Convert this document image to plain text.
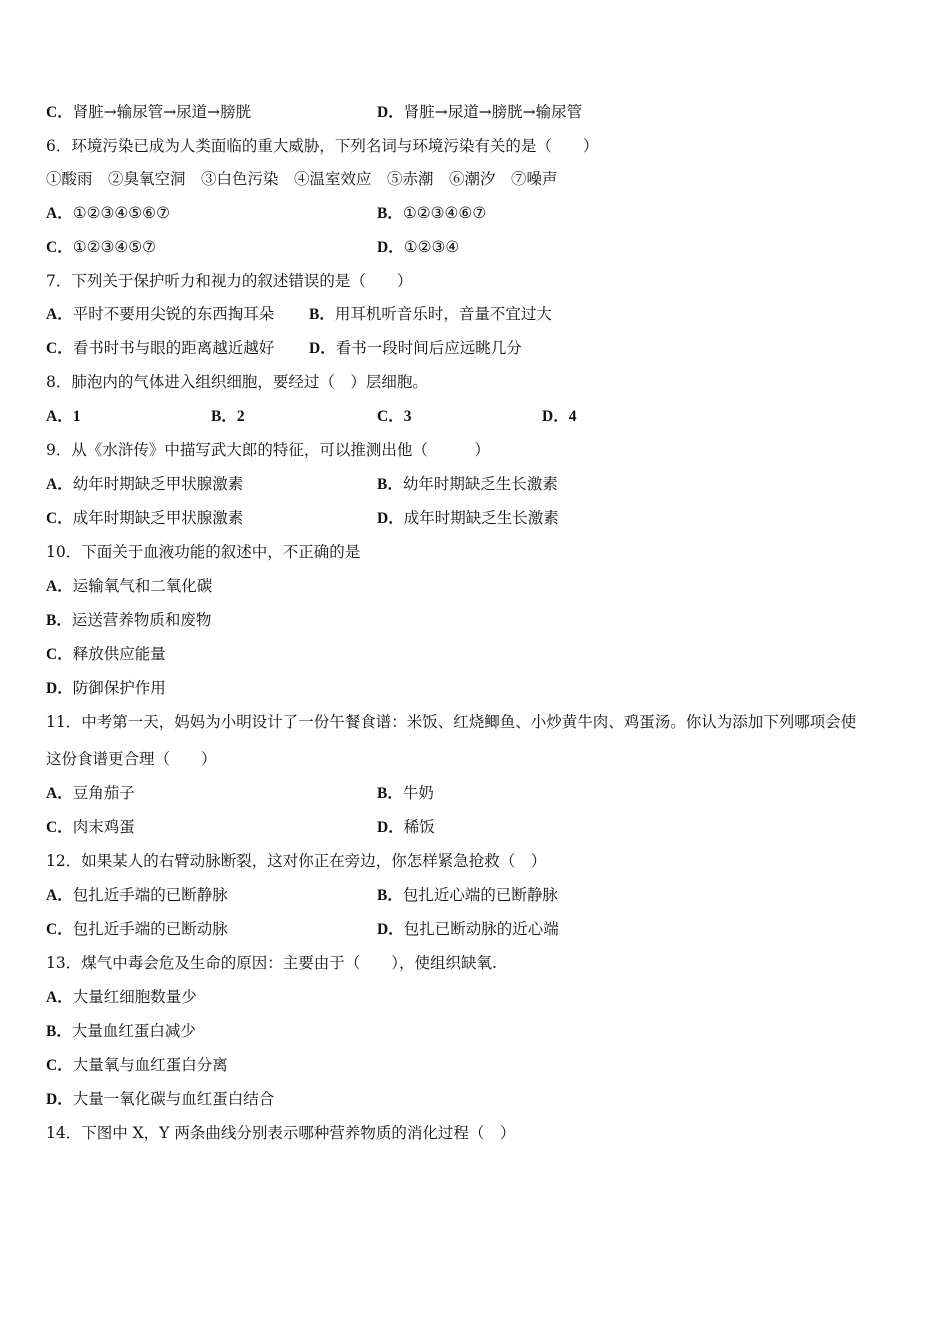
C．肾脏→输尿管→尿道→膀胱	D．肾脏→尿道→膀胱→输尿管
6．环境污染已成为人类面临的重大威胁，下列名词与环境污染有关的是（　　）
①酸雨　②臭氧空洞　③白色污染　④温室效应　⑤赤潮　⑥潮汐　⑦噪声
A．①②③④⑤⑥⑦	B．①②③④⑥⑦
C．①②③④⑤⑦	D．①②③④
7．下列关于保护听力和视力的叙述错误的是（　　）
A．平时不要用尖锐的东西掏耳朵 B．用耳机听音乐时，音量不宜过大
C．看书时书与眼的距离越近越好 D．看书一段时间后应远眺几分
8．肺泡内的气体进入组织细胞，要经过（　）层细胞。
A．1	B．2	C．3	D．4
9．从《水浒传》中描写武大郎的特征，可以推测出他（　　　）
A．幼年时期缺乏甲状腺激素	B．幼年时期缺乏生长激素
C．成年时期缺乏甲状腺激素	D．成年时期缺乏生长激素
10．下面关于血液功能的叙述中，不正确的是
A．运输氧气和二氧化碳
B．运送营养物质和废物
C．释放供应能量
D．防御保护作用
11．中考第一天，妈妈为小明设计了一份午餐食谱：米饭、红烧鲫鱼、小炒黄牛肉、鸡蛋汤。你认为添加下列哪项会使
这份食谱更合理（　　）
A．豆角茄子	B．牛奶
C．肉末鸡蛋	D．稀饭
12．如果某人的右臂动脉断裂，这对你正在旁边，你怎样紧急抢救（　）
A．包扎近手端的已断静脉	B．包扎近心端的已断静脉
C．包扎近手端的已断动脉	D．包扎已断动脉的近心端
13．煤气中毒会危及生命的原因：主要由于（　　），使组织缺氧.
A．大量红细胞数量少
B．大量血红蛋白减少
C．大量氧与血红蛋白分离
D．大量一氧化碳与血红蛋白结合
14．下图中 X，Y 两条曲线分别表示哪种营养物质的消化过程（　）
